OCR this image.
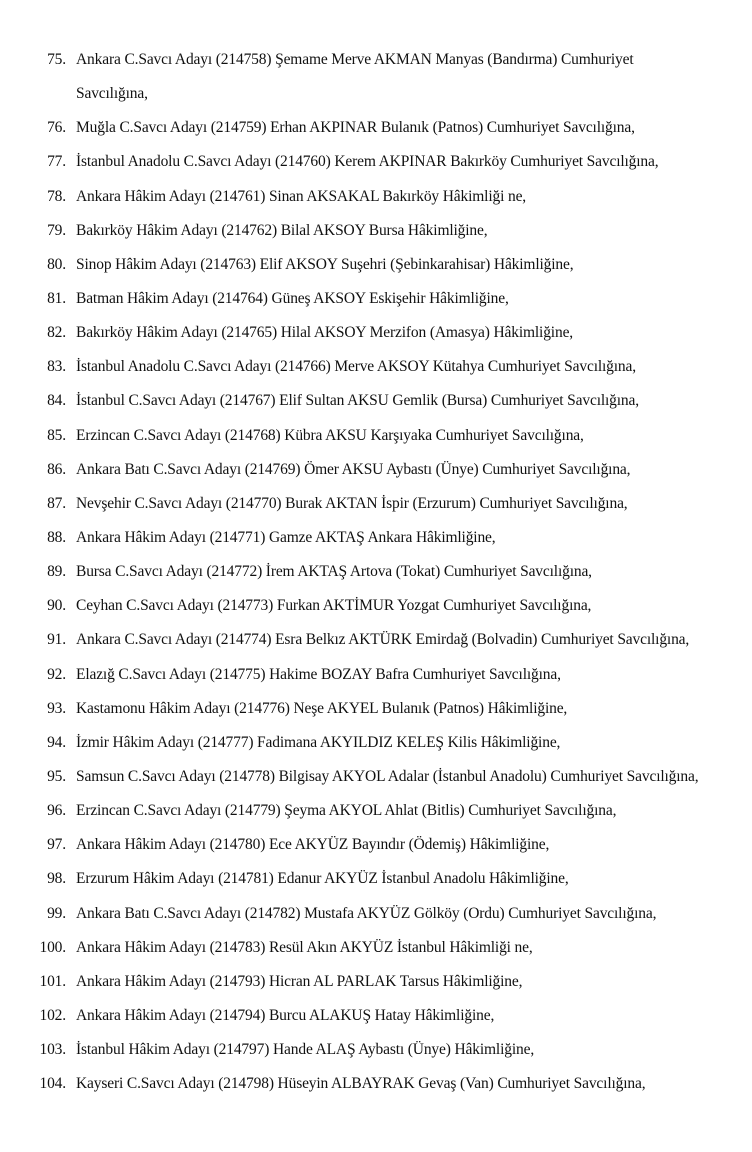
75. Ankara C.Savcı Adayı (214758) Şemame Merve AKMAN Manyas (Bandırma) Cumhuriyet
Savcılığına,
76. Muğla C.Savcı Adayı (214759) Erhan AKPINAR Bulanık (Patnos) Cumhuriyet Savcılığına,
77. İstanbul Anadolu C.Savcı Adayı (214760) Kerem AKPINAR Bakırköy Cumhuriyet Savcılığına,
78. Ankara Hâkim Adayı (214761) Sinan AKSAKAL Bakırköy Hâkimliği ne,
79. Bakırköy Hâkim Adayı (214762) Bilal AKSOY Bursa Hâkimliğine,
80. Sinop Hâkim Adayı (214763) Elif AKSOY Suşehri (Şebinkarahisar) Hâkimliğine,
81. Batman Hâkim Adayı (214764) Güneş AKSOY Eskişehir Hâkimliğine,
82. Bakırköy Hâkim Adayı (214765) Hilal AKSOY Merzifon (Amasya) Hâkimliğine,
83. İstanbul Anadolu C.Savcı Adayı (214766) Merve AKSOY Kütahya Cumhuriyet Savcılığına,
84. İstanbul C.Savcı Adayı (214767) Elif Sultan AKSU Gemlik (Bursa) Cumhuriyet Savcılığına,
85. Erzincan C.Savcı Adayı (214768) Kübra AKSU Karşıyaka Cumhuriyet Savcılığına,
86. Ankara Batı C.Savcı Adayı (214769) Ömer AKSU Aybastı (Ünye) Cumhuriyet Savcılığına,
87. Nevşehir C.Savcı Adayı (214770) Burak AKTAN İspir (Erzurum) Cumhuriyet Savcılığına,
88. Ankara Hâkim Adayı (214771) Gamze AKTAŞ Ankara Hâkimliğine,
89. Bursa C.Savcı Adayı (214772) İrem AKTAŞ Artova (Tokat) Cumhuriyet Savcılığına,
90. Ceyhan C.Savcı Adayı (214773) Furkan AKTİMUR Yozgat Cumhuriyet Savcılığına,
91. Ankara C.Savcı Adayı (214774) Esra Belkız AKTÜRK Emirdağ (Bolvadin) Cumhuriyet Savcılığına,
92. Elazığ C.Savcı Adayı (214775) Hakime BOZAY Bafra Cumhuriyet Savcılığına,
93. Kastamonu Hâkim Adayı (214776) Neşe AKYEL Bulanık (Patnos) Hâkimliğine,
94. İzmir Hâkim Adayı (214777) Fadimana AKYILDIZ KELEŞ Kilis Hâkimliğine,
95. Samsun C.Savcı Adayı (214778) Bilgisay AKYOL Adalar (İstanbul Anadolu) Cumhuriyet Savcılığına,
96. Erzincan C.Savcı Adayı (214779) Şeyma AKYOL Ahlat (Bitlis) Cumhuriyet Savcılığına,
97. Ankara Hâkim Adayı (214780) Ece AKYÜZ Bayındır (Ödemiş) Hâkimliğine,
98. Erzurum Hâkim Adayı (214781) Edanur AKYÜZ İstanbul Anadolu Hâkimliğine,
99. Ankara Batı C.Savcı Adayı (214782) Mustafa AKYÜZ Gölköy (Ordu) Cumhuriyet Savcılığına,
100. Ankara Hâkim Adayı (214783) Resül Akın AKYÜZ İstanbul Hâkimliği ne,
101. Ankara Hâkim Adayı (214793) Hicran AL PARLAK Tarsus Hâkimliğine,
102. Ankara Hâkim Adayı (214794) Burcu ALAKUŞ Hatay Hâkimliğine,
103. İstanbul Hâkim Adayı (214797) Hande ALAŞ Aybastı (Ünye) Hâkimliğine,
104. Kayseri C.Savcı Adayı (214798) Hüseyin ALBAYRAK Gevaş (Van) Cumhuriyet Savcılığına,
